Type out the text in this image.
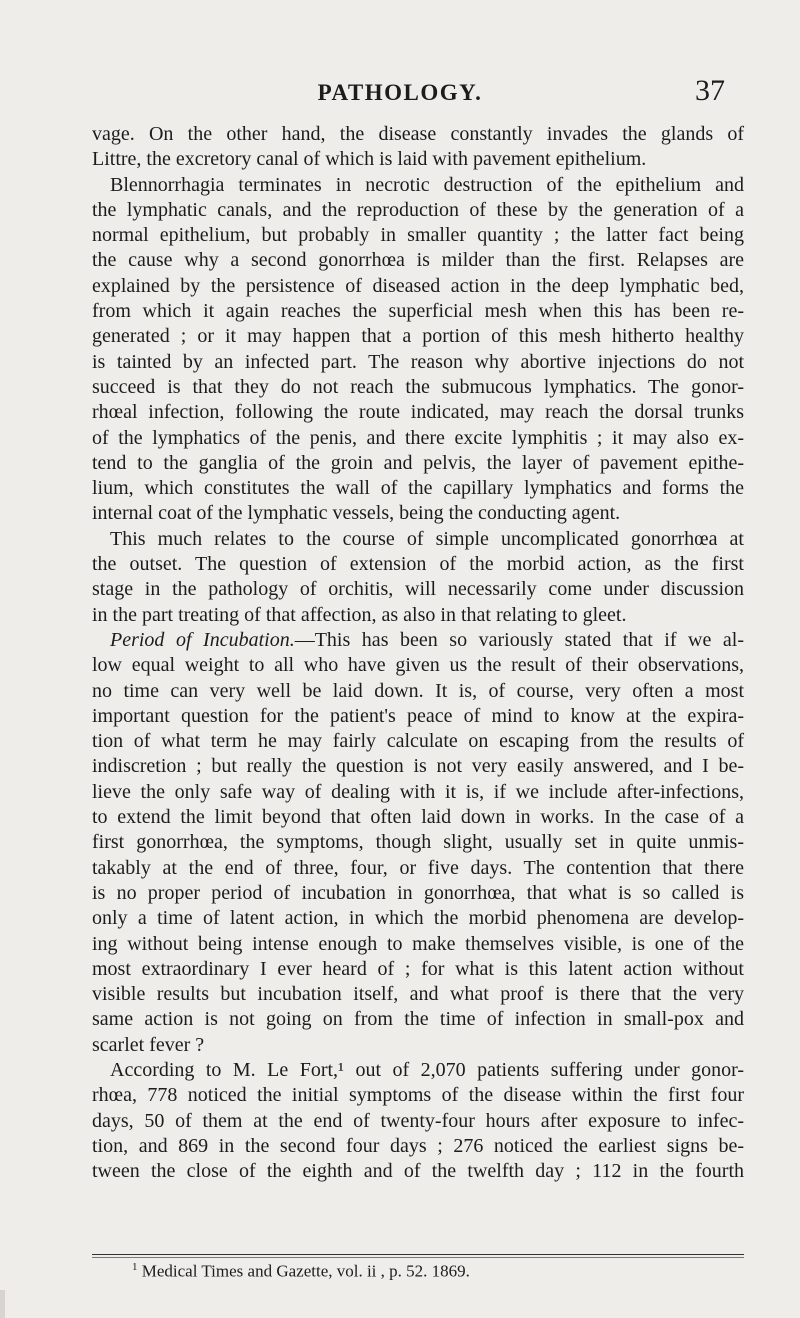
PATHOLOGY.	37
vage. On the other hand, the disease constantly invades the glands of
Littre, the excretory canal of which is laid with pavement epithelium.
Blennorrhagia terminates in necrotic destruction of the epithelium and
the lymphatic canals, and the reproduction of these by the generation of a
normal epithelium, but probably in smaller quantity ; the latter fact being
the cause why a second gonorrhœa is milder than the first. Relapses are
explained by the persistence of diseased action in the deep lymphatic bed,
from which it again reaches the superficial mesh when this has been re-
generated ; or it may happen that a portion of this mesh hitherto healthy
is tainted by an infected part. The reason why abortive injections do not
succeed is that they do not reach the submucous lymphatics. The gonor-
rhœal infection, following the route indicated, may reach the dorsal trunks
of the lymphatics of the penis, and there excite lymphitis ; it may also ex-
tend to the ganglia of the groin and pelvis, the layer of pavement epithe-
lium, which constitutes the wall of the capillary lymphatics and forms the
internal coat of the lymphatic vessels, being the conducting agent.
This much relates to the course of simple uncomplicated gonorrhœa at
the outset. The question of extension of the morbid action, as the first
stage in the pathology of orchitis, will necessarily come under discussion
in the part treating of that affection, as also in that relating to gleet.
Period of Incubation.—This has been so variously stated that if we al-
low equal weight to all who have given us the result of their observations,
no time can very well be laid down. It is, of course, very often a most
important question for the patient's peace of mind to know at the expira-
tion of what term he may fairly calculate on escaping from the results of
indiscretion ; but really the question is not very easily answered, and I be-
lieve the only safe way of dealing with it is, if we include after-infections,
to extend the limit beyond that often laid down in works. In the case of a
first gonorrhœa, the symptoms, though slight, usually set in quite unmis-
takably at the end of three, four, or five days. The contention that there
is no proper period of incubation in gonorrhœa, that what is so called is
only a time of latent action, in which the morbid phenomena are develop-
ing without being intense enough to make themselves visible, is one of the
most extraordinary I ever heard of ; for what is this latent action without
visible results but incubation itself, and what proof is there that the very
same action is not going on from the time of infection in small-pox and
scarlet fever ?
According to M. Le Fort,¹ out of 2,070 patients suffering under gonor-
rhœa, 778 noticed the initial symptoms of the disease within the first four
days, 50 of them at the end of twenty-four hours after exposure to infec-
tion, and 869 in the second four days ; 276 noticed the earliest signs be-
tween the close of the eighth and of the twelfth day ; 112 in the fourth
$^1$ Medical Times and Gazette, vol. ii , p. 52. 1869.
